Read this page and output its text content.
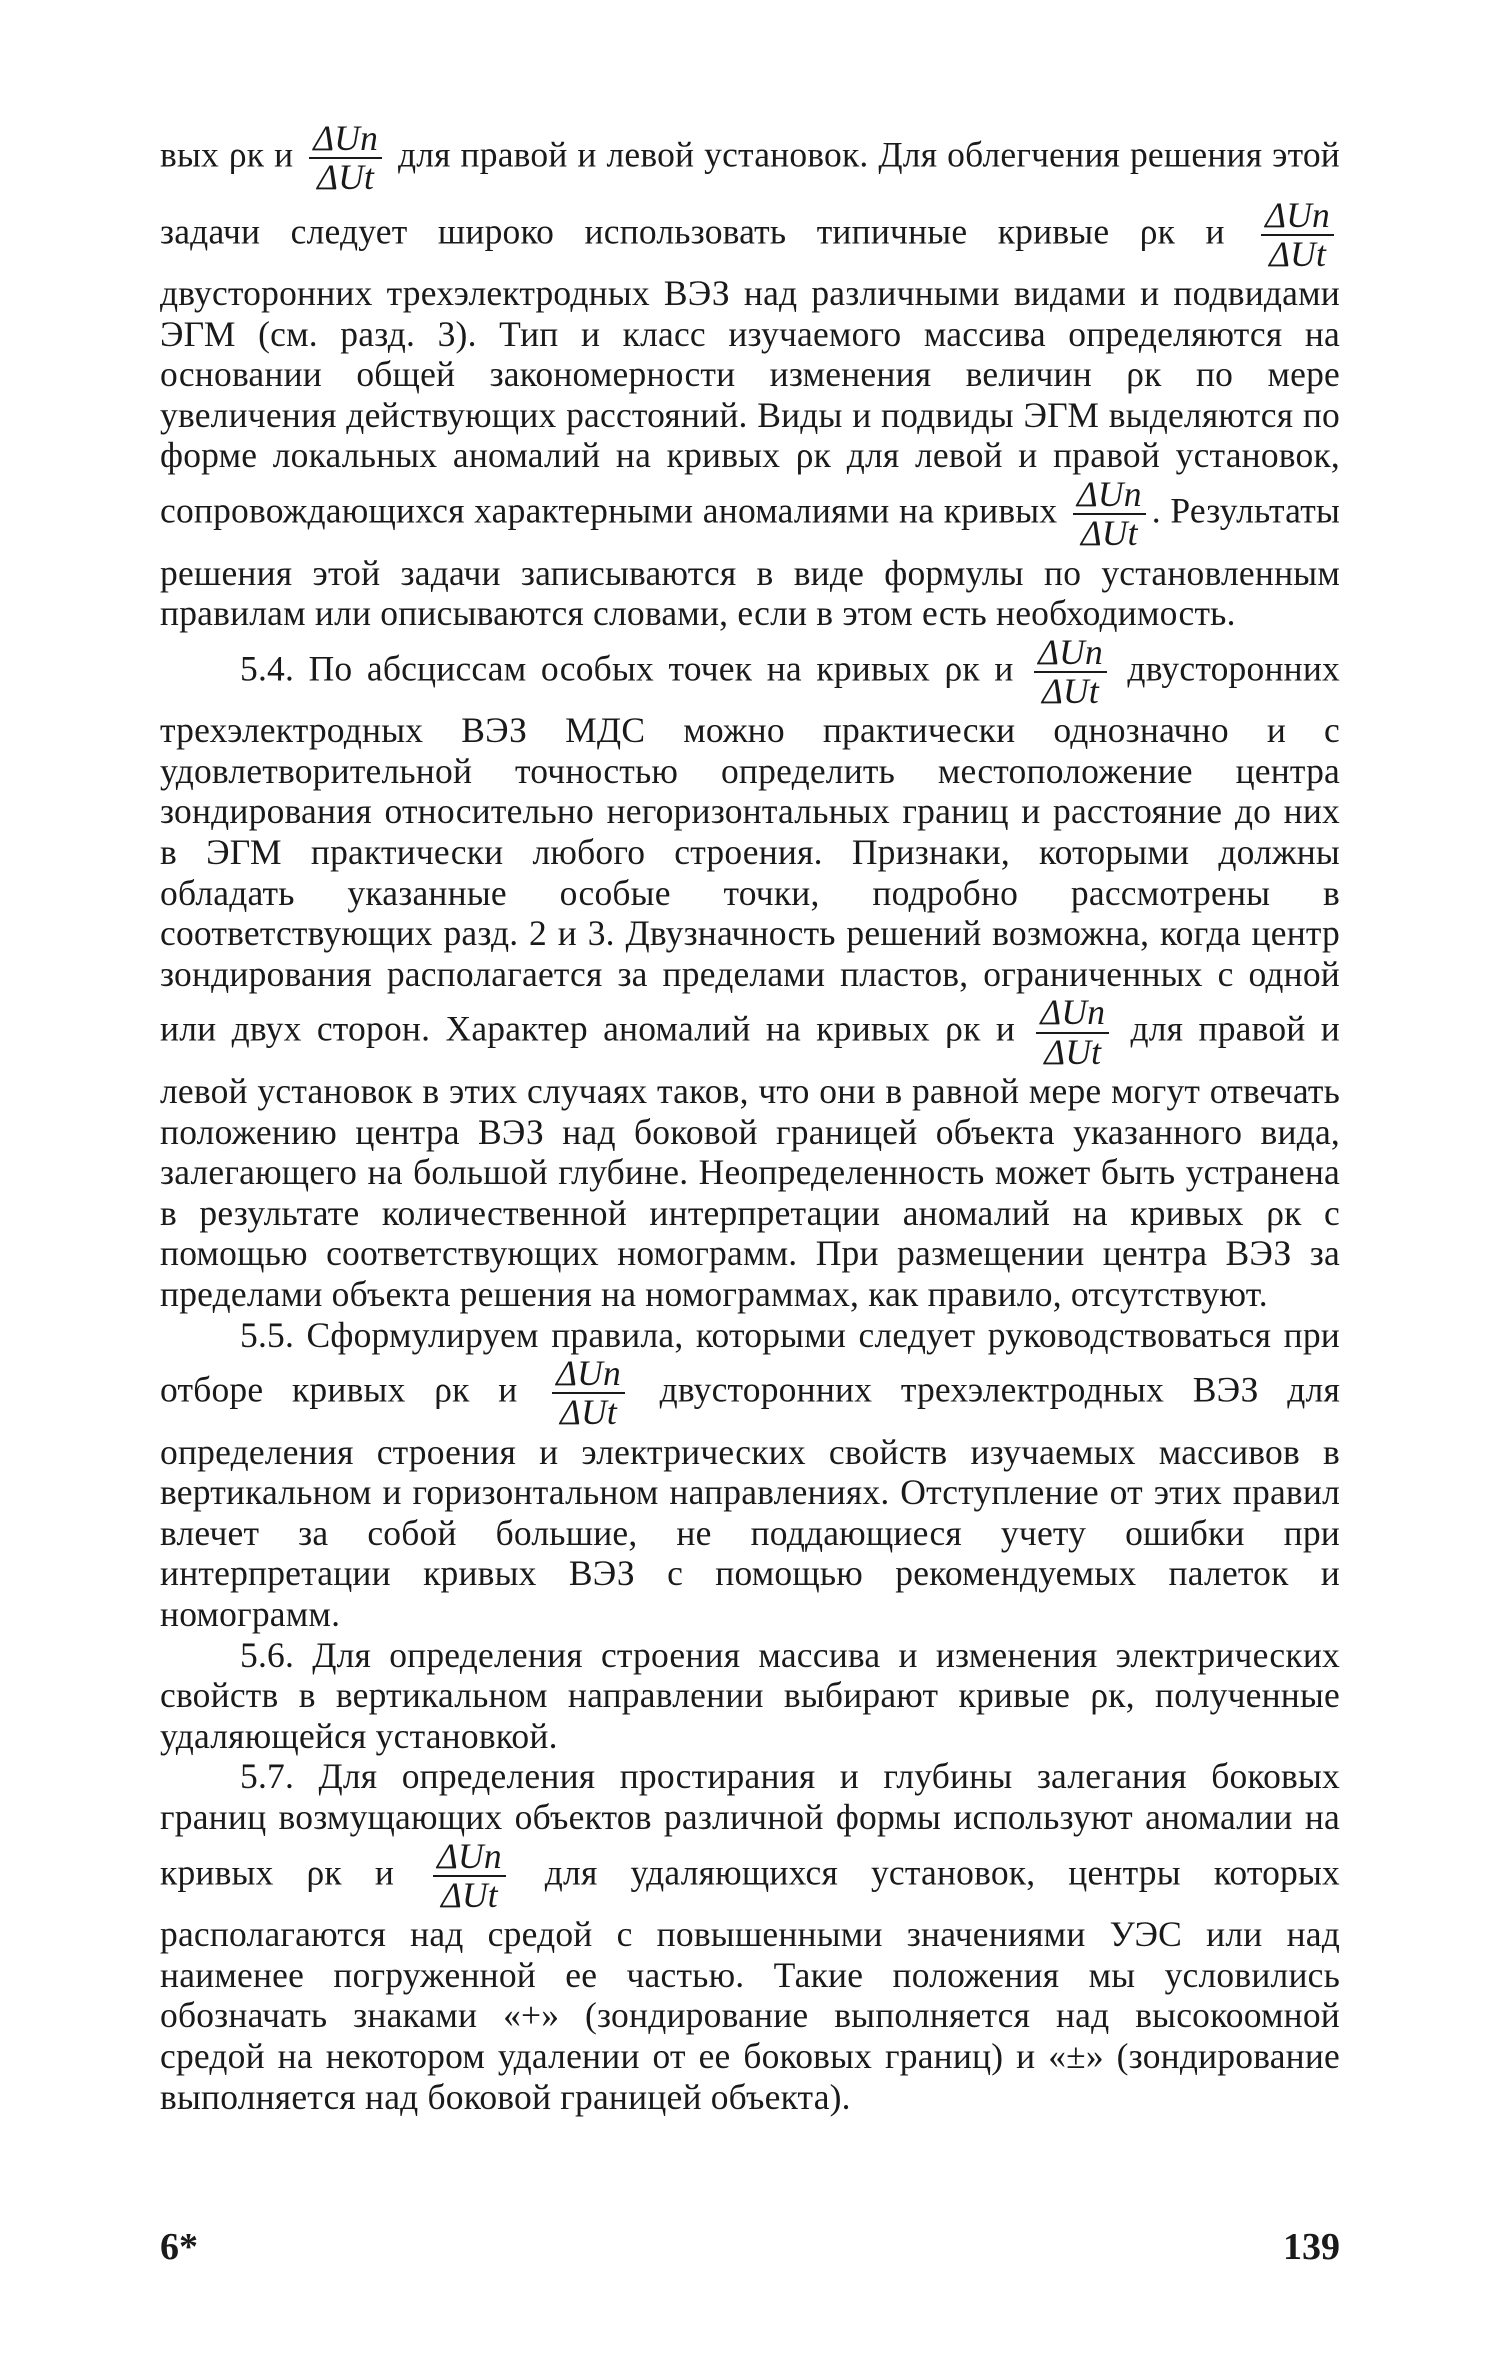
вых ρк и $\frac{\text{ΔUn}}{\text{ΔUt}}$ для правой и левой установок. Для облегчения решения этой задачи следует широко использовать типичные кривые ρк и $\frac{\text{ΔUn}}{\text{ΔUt}}$
двусторонних трехэлектродных ВЭЗ над различными видами и подвидами ЭГМ (см. разд. 3). Тип и класс изучаемого массива определяются на основании общей закономерности изменения величин ρк по мере увеличения действующих расстояний. Виды и подвиды ЭГМ выделяются по форме локальных аномалий на кривых ρк для левой и правой установок, сопровождающихся характерными аномалиями на кривых $\frac{\text{ΔUn}}{\text{ΔUt}}$ . Результаты решения этой задачи записываются в виде формулы по установленным правилам или описываются словами, если в этом есть необходимость.

5.4. По абсциссам особых точек на кривых ρк и $\frac{\text{ΔUn}}{\text{ΔUt}}$ двусторонних трехэлектродных ВЭЗ МДС можно практически однозначно и с удовлетворительной точностью определить местоположение центра зондирования относительно негоризонтальных границ и расстояние до них в ЭГМ практически любого строения. Признаки, которыми должны обладать указанные особые точки, подробно рассмотрены в соответствующих разд. 2 и 3. Двузначность решений возможна, когда центр зондирования располагается за пределами пластов, ограниченных с одной или двух сторон. Характер аномалий на кривых ρк и $\frac{\text{ΔUn}}{\text{ΔUt}}$ для правой и левой установок в этих случаях таков, что они в равной мере могут отвечать положению центра ВЭЗ над боковой границей объекта указанного вида, залегающего на большой глубине. Неопределенность может быть устранена в результате количественной интерпретации аномалий на кривых ρк с помощью соответствующих номограмм. При размещении центра ВЭЗ за пределами объекта решения на номограммах, как правило, отсутствуют.

5.5. Сформулируем правила, которыми следует руководствоваться при отборе кривых ρк и $\frac{\text{ΔUn}}{\text{ΔUt}}$ двусторонних трехэлектродных ВЭЗ для определения строения и электрических свойств изучаемых массивов в вертикальном и горизонтальном направлениях. Отступление от этих правил влечет за собой большие, не поддающиеся учету ошибки при интерпретации кривых ВЭЗ с помощью рекомендуемых палеток и номограмм.

5.6. Для определения строения массива и изменения электрических свойств в вертикальном направлении выбирают кривые ρк, полученные удаляющейся установкой.

5.7. Для определения простирания и глубины залегания боковых границ возмущающих объектов различной формы используют аномалии на кривых ρк и $\frac{\text{ΔUn}}{\text{ΔUt}}$ для удаляющихся установок, центры которых располагаются над средой с повышенными значениями УЭС или над наименее погруженной ее частью. Такие положения мы условились обозначать знаками «+» (зондирование выполняется над высокоомной средой на некотором удалении от ее боковых границ) и «±» (зондирование выполняется над боковой границей объекта).

6*	139
